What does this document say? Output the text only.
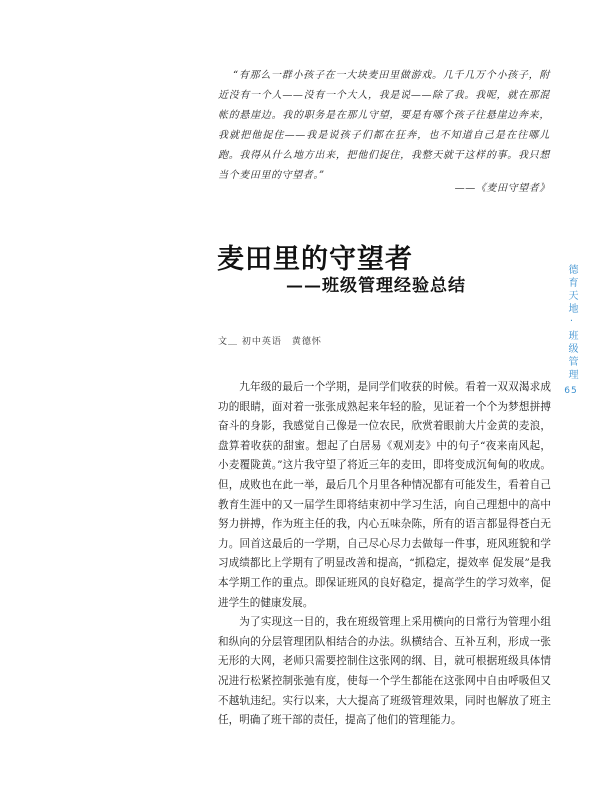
“有那么一群小孩子在一大块麦田里做游戏。几千几万个小孩子，附近没有一个人——没有一个大人，我是说——除了我。我呢，就在那混帐的悬崖边。我的职务是在那儿守望，要是有哪个孩子往悬崖边奔来，我就把他捉住——我是说孩子们都在狂奔，也不知道自己是在往哪儿跑。我得从什么地方出来，把他们捉住，我整天就干这样的事。我只想当个麦田里的守望者。”
——《麦田守望者》
麦田里的守望者
——班级管理经验总结
文＿ 初中英语 黄德怀

九年级的最后一个学期，是同学们收获的时候。看着一双双渴求成功的眼睛，面对着一张张成熟起来年轻的脸，见证着一个个为梦想拼搏奋斗的身影，我感觉自己像是一位农民，欣赏着眼前大片金黄的麦浪，盘算着收获的甜蜜。想起了白居易《观刈麦》中的句子“夜来南风起，小麦覆陇黄。”这片我守望了将近三年的麦田，即将变成沉甸甸的收成。但，成败也在此一举，最后几个月里各种情况都有可能发生，看着自己教育生涯中的又一届学生即将结束初中学习生活，向自己理想中的高中努力拼搏，作为班主任的我，内心五味杂陈，所有的语言都显得苍白无力。回首这最后的一学期，自己尽心尽力去做每一件事，班风班貌和学习成绩都比上学期有了明显改善和提高，“抓稳定，提效率 促发展”是我本学期工作的重点。即保证班风的良好稳定，提高学生的学习效率，促进学生的健康发展。

为了实现这一目的，我在班级管理上采用横向的日常行为管理小组和纵向的分层管理团队相结合的办法。纵横结合、互补互利，形成一张无形的大网，老师只需要控制住这张网的纲、目，就可根据班级具体情况进行松紧控制张弛有度，使每一个学生都能在这张网中自由呼吸但又不越轨违纪。实行以来，大大提高了班级管理效果，同时也解放了班主任，明确了班干部的责任，提高了他们的管理能力。

德育天地·班级管理
65
